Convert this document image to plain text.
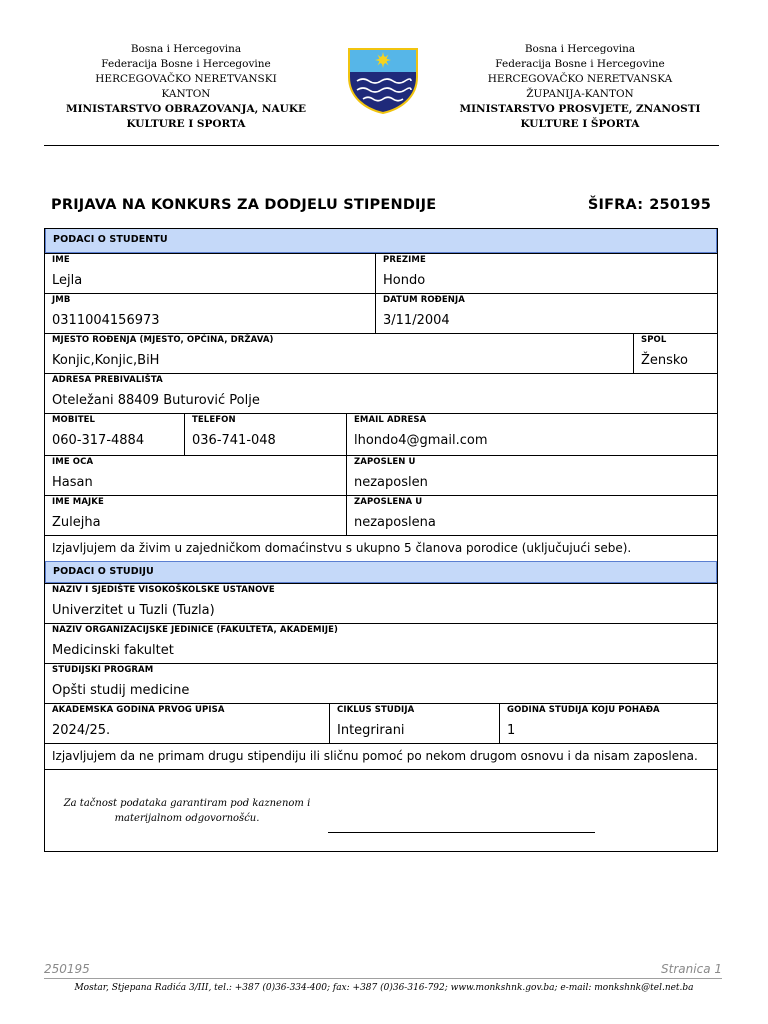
Bosna i Hercegovina
Federacija Bosne i Hercegovine
HERCEGOVAČKO NERETVANSKI
KANTON
MINISTARSTVO OBRAZOVANJA, NAUKE
KULTURE I SPORTA
Bosna i Hercegovina
Federacija Bosne i Hercegovine
HERCEGOVAČKO NERETVANSKA
ŽUPANIJA-KANTON
MINISTARSTVO PROSVJETE, ZNANOSTI
KULTURE I ŠPORTA
PRIJAVA NA KONKURS ZA DODJELU STIPENDIJE	ŠIFRA: 250195
PODACI O STUDENTU
IME
Lejla
PREZIME
Hondo
JMB
0311004156973
DATUM ROĐENJA
3/11/2004
MJESTO ROĐENJA (MJESTO, OPĆINA, DRŽAVA)
Konjic,Konjic,BiH
SPOL
Žensko
ADRESA PREBIVALIŠTA
Oteležani 88409 Buturović Polje
MOBITEL
060-317-4884
TELEFON
036-741-048
EMAIL ADRESA
lhondo4@gmail.com
IME OCA
Hasan
ZAPOSLEN U
nezaposlen
IME MAJKE
Zulejha
ZAPOSLENA U
nezaposlena
Izjavljujem da živim u zajedničkom domaćinstvu s ukupno 5 članova porodice (uključujući sebe).
PODACI O STUDIJU
NAZIV I SJEDIŠTE VISOKOŠKOLSKE USTANOVE
Univerzitet u Tuzli (Tuzla)
NAZIV ORGANIZACIJSKE JEDINICE (FAKULTETA, AKADEMIJE)
Medicinski fakultet
STUDIJSKI PROGRAM
Opšti studij medicine
AKADEMSKA GODINA PRVOG UPISA
2024/25.
CIKLUS STUDIJA
Integrirani
GODINA STUDIJA KOJU POHAĐA
1
Izjavljujem da ne primam drugu stipendiju ili sličnu pomoć po nekom drugom osnovu i da nisam zaposlena.
Za tačnost podataka garantiram pod kaznenom i
materijalnom odgovornošću.
250195	Stranica 1
Mostar, Stjepana Radića 3/III, tel.: +387 (0)36-334-400; fax: +387 (0)36-316-792; www.monkshnk.gov.ba; e-mail: monkshnk@tel.net.ba
